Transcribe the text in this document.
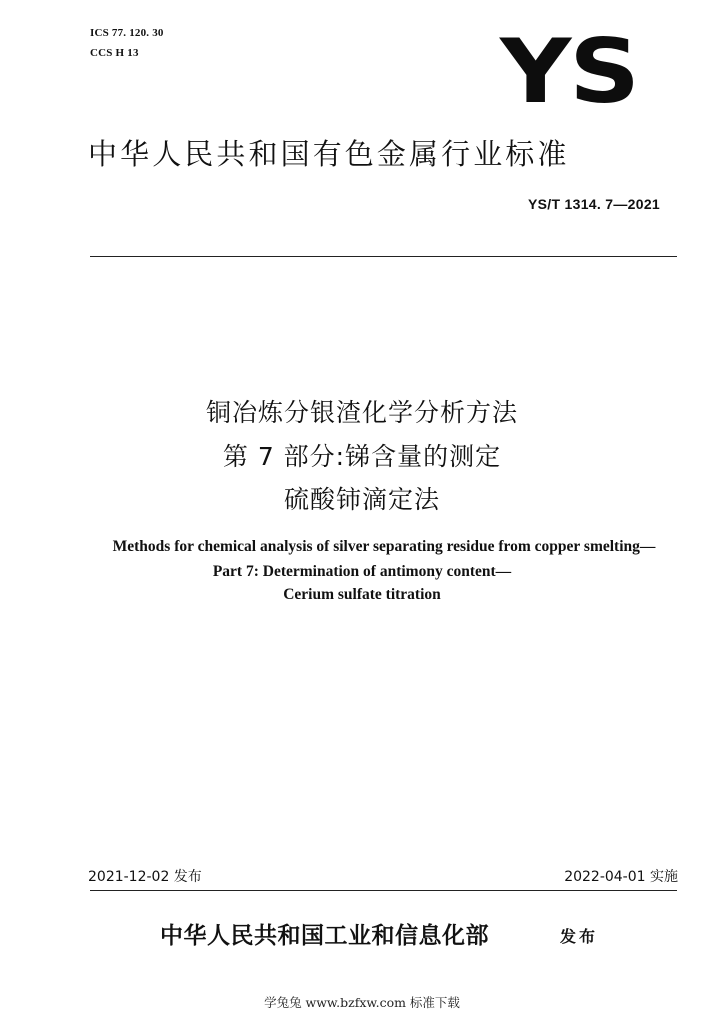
ICS 77. 120. 30
CCS H 13	YS
中华人民共和国有色金属行业标准
YS/T 1314. 7—2021
铜冶炼分银渣化学分析方法
第 7 部分:锑含量的测定
硫酸铈滴定法
Methods for chemical analysis of silver separating residue from copper smelting—
Part 7: Determination of antimony content—
Cerium sulfate titration
2021-12-02 发布	2022-04-01 实施
中华人民共和国工业和信息化部	发布
学兔兔 www.bzfxw.com 标准下载
